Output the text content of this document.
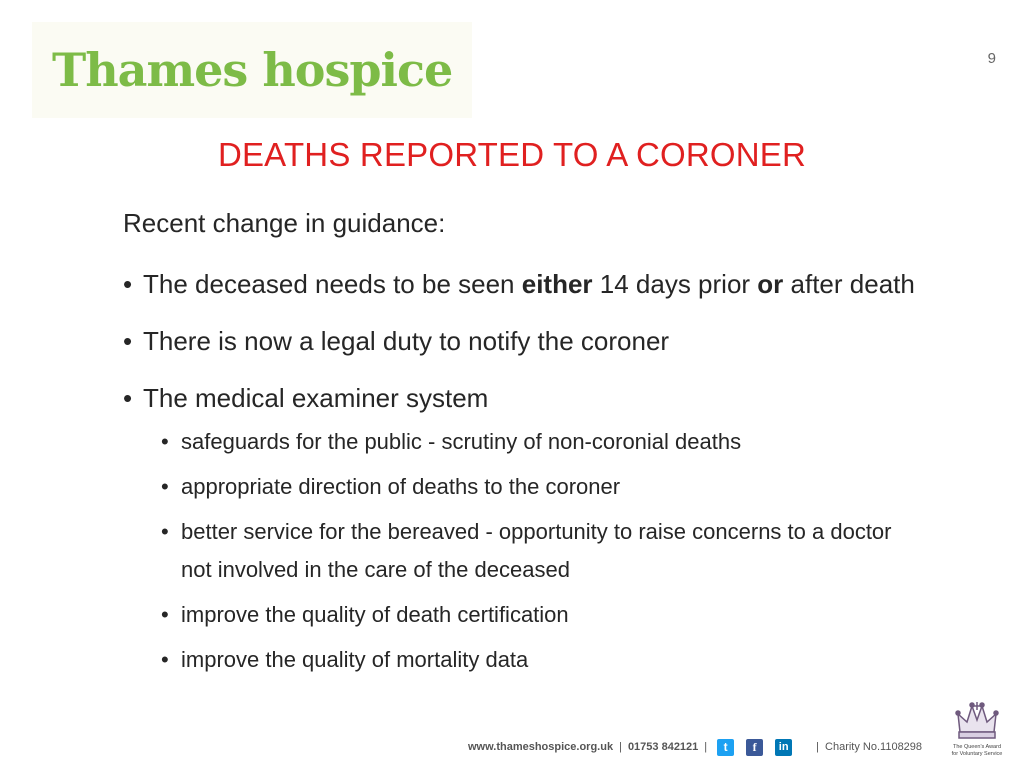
Thames hospice	9
DEATHS REPORTED TO A CORONER
Recent change in guidance:
• The deceased needs to be seen either 14 days prior or after death
• There is now a legal duty to notify the coroner
• The medical examiner system
• safeguards for the public - scrutiny of non-coronial deaths
• appropriate direction of deaths to the coroner
• better service for the bereaved - opportunity to raise concerns to a doctor not involved in the care of the deceased
• improve the quality of death certification
• improve the quality of mortality data
www.thameshospice.org.uk | 01753 842121 |	t	f	in	| Charity No.1108298	The Queen's Award
for Voluntary Service
